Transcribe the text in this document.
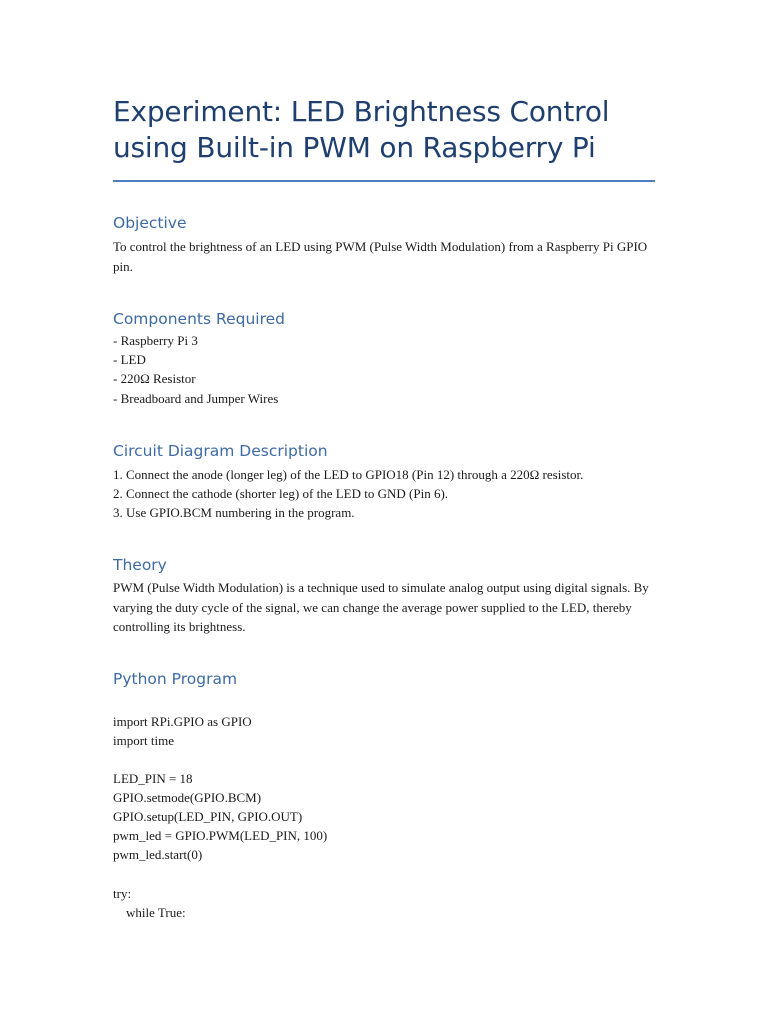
Experiment: LED Brightness Control using Built-in PWM on Raspberry Pi
Objective

To control the brightness of an LED using PWM (Pulse Width Modulation) from a Raspberry Pi GPIO pin.

Components Required
- Raspberry Pi 3
- LED
- 220Ω Resistor
- Breadboard and Jumper Wires
Circuit Diagram Description
1. Connect the anode (longer leg) of the LED to GPIO18 (Pin 12) through a 220Ω resistor.
2. Connect the cathode (shorter leg) of the LED to GND (Pin 6).
3. Use GPIO.BCM numbering in the program.
Theory

PWM (Pulse Width Modulation) is a technique used to simulate analog output using digital signals. By varying the duty cycle of the signal, we can change the average power supplied to the LED, thereby controlling its brightness.

Python Program
import RPi.GPIO as GPIO
import time
LED_PIN = 18
GPIO.setmode(GPIO.BCM)
GPIO.setup(LED_PIN, GPIO.OUT)
pwm_led = GPIO.PWM(LED_PIN, 100)
pwm_led.start(0)
try:
while True:
